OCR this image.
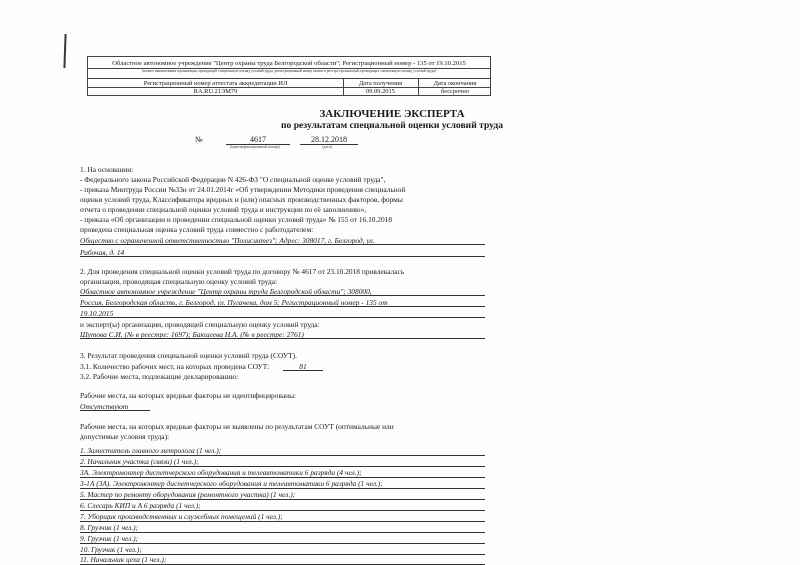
Областное автономное учреждение "Центр охраны труда Белгородской области"; Регистрационный номер - 135 от 19.10.2015
(полное наименование организации, проводящей специальную оценку условий труда, регистрационный номер записи в реестре организаций, проводящих специальную оценку условий труда)
Регистрационный номер аттестата аккредитации ИЛ	Дата получения	Дата окончания
RA.RU.21ЭМ79	09.09.2015	бессрочно
ЗАКЛЮЧЕНИЕ ЭКСПЕРТА
по результатам специальной оценки условий труда
№	4617	28.12.2018
(идентификационный номер)	(дата)
1. На основании:
- Федерального закона Российской Федерации N 426-ФЗ "О специальной оценке условий труда",
- приказа Минтруда России №33н от 24.01.2014г «Об утверждении Методики проведения специальной
оценки условий труда, Классификатора вредных и (или) опасных производственных факторов, формы
отчета о проведении специальной оценки условий труда и инструкции по её заполнению»,
- приказа «Об организации и проведении специальной оценки условий труда» № 155 от 16.10.2018
проведена специальная оценка условий труда совместно с работодателем:
Общество с ограниченной ответственностью "Полисинтез"; Адрес: 308017, г. Белгород, ул.
Рабочая, д. 14
2. Для проведения специальной оценки условий труда по договору № 4617 от 23.10.2018 привлекалась
организация, проводящая специальную оценку условий труда:
Областное автономное учреждение "Центр охраны труда Белгородской области"; 308000,
Россия, Белгородская область, г. Белгород, ул. Пугачева, дом 5; Регистрационный номер - 135 от
19.10.2015
и эксперт(ы) организации, проводящей специальную оценку условий труда:
Шутова С.И. (№ в реестре: 1697); Бакшеева Н.А. (№ в реестре: 2761)
3. Результат проведения специальной оценки условий труда (СОУТ).
3.1. Количество рабочих мест, на которых проведена СОУТ:	81
3.2. Рабочие места, подлежащие декларированию:
Рабочие места, на которых вредные факторы не идентифицированы:
Отсутствуют
Рабочие места, на которых вредные факторы не выявлены по результатам СОУТ (оптимальные или
допустимые условия труда):
1. Заместитель главного метролога (1 чел.);
2. Начальник участка (связи) (1 чел.);
3А. Электромонтер диспетчерского оборудования и телеавтоматики 6 разряда (4 чел.);
3-1А (3А). Электромонтер диспетчерского оборудования и телеавтоматики 6 разряда (1 чел.);
5. Мастер по ремонту оборудования (ремонтного участка) (1 чел.);
6. Слесарь КИП и А 6 разряда (1 чел.);
7. Уборщик производственных и служебных помещений (1 чел.);
8. Грузчик (1 чел.);
9. Грузчик (1 чел.);
10. Грузчик (1 чел.);
11. Начальник цеха (1 чел.);
